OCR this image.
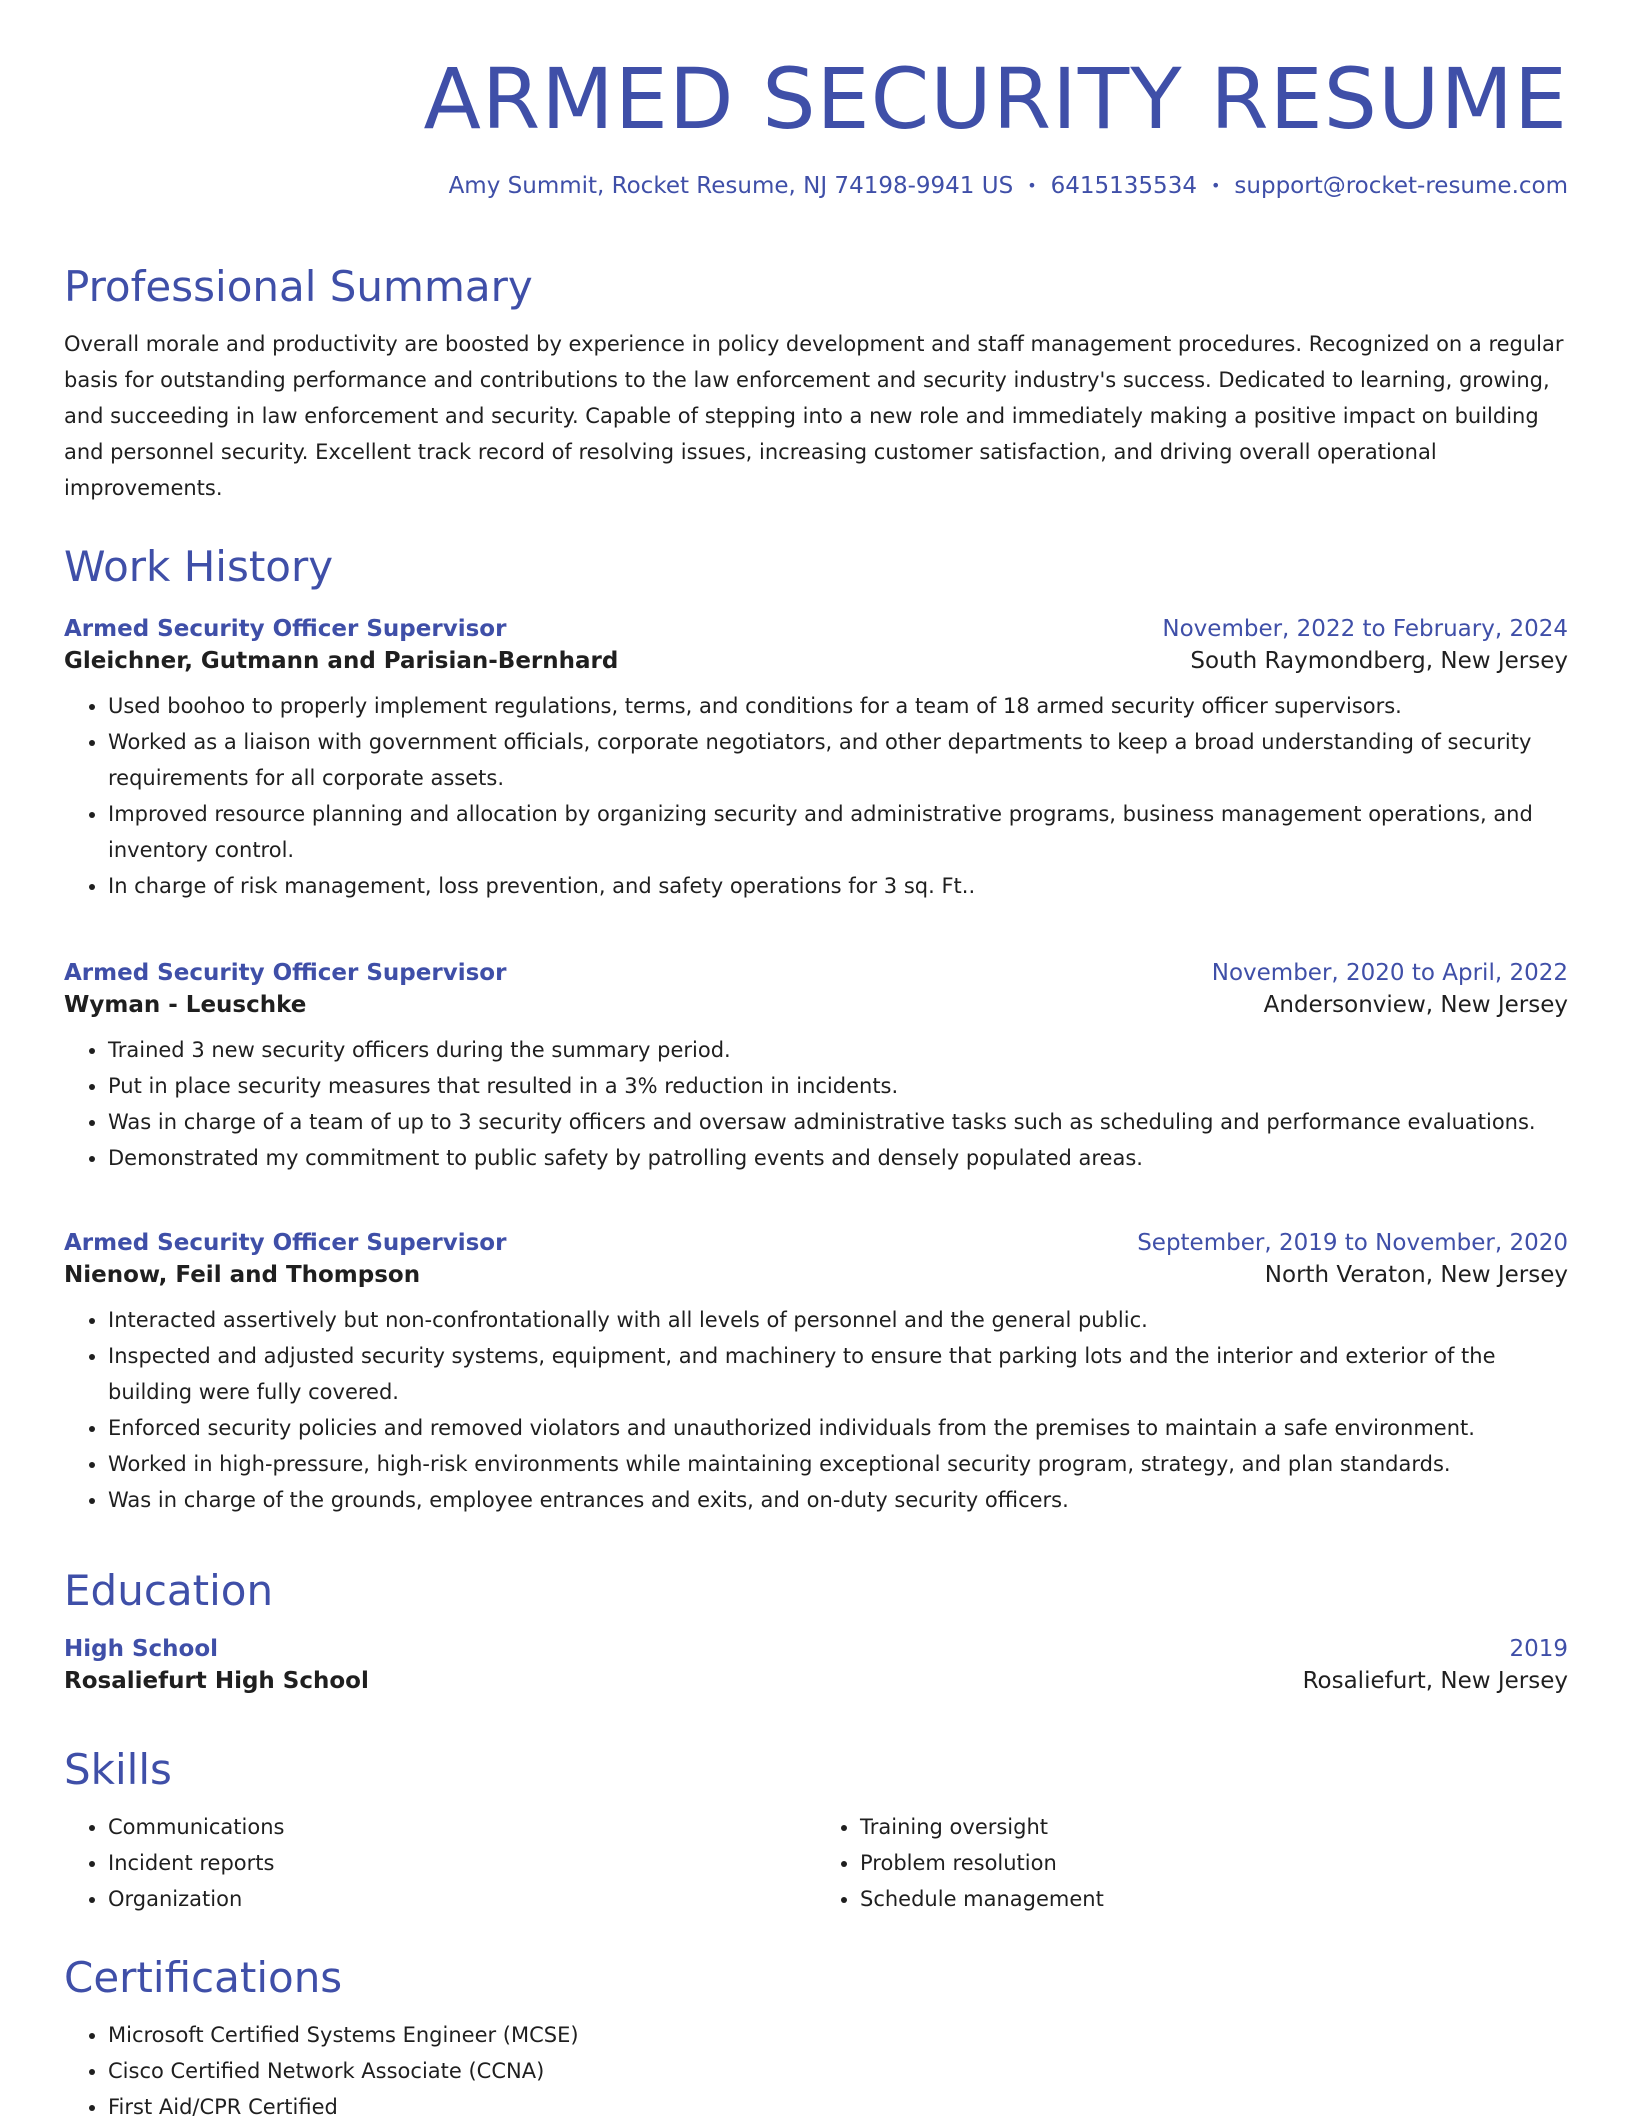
ARMED SECURITY RESUME
Amy Summit, Rocket Resume, NJ 74198-9941 US • 6415135534 • support@rocket-resume.com
Professional Summary

Overall morale and productivity are boosted by experience in policy development and staff management procedures. Recognized on a regular basis for outstanding performance and contributions to the law enforcement and security industry's success. Dedicated to learning, growing, and succeeding in law enforcement and security. Capable of stepping into a new role and immediately making a positive impact on building and personnel security. Excellent track record of resolving issues, increasing customer satisfaction, and driving overall operational improvements.

Work History
Armed Security Officer Supervisor	November, 2022 to February, 2024
Gleichner, Gutmann and Parisian-Bernhard	South Raymondberg, New Jersey
• Used boohoo to properly implement regulations, terms, and conditions for a team of 18 armed security officer supervisors.
• Worked as a liaison with government officials, corporate negotiators, and other departments to keep a broad understanding of security requirements for all corporate assets.
• Improved resource planning and allocation by organizing security and administrative programs, business management operations, and inventory control.
• In charge of risk management, loss prevention, and safety operations for 3 sq. Ft..
Armed Security Officer Supervisor	November, 2020 to April, 2022
Wyman - Leuschke	Andersonview, New Jersey
• Trained 3 new security officers during the summary period.
• Put in place security measures that resulted in a 3% reduction in incidents.
• Was in charge of a team of up to 3 security officers and oversaw administrative tasks such as scheduling and performance evaluations.
• Demonstrated my commitment to public safety by patrolling events and densely populated areas.
Armed Security Officer Supervisor	September, 2019 to November, 2020
Nienow, Feil and Thompson	North Veraton, New Jersey
• Interacted assertively but non-confrontationally with all levels of personnel and the general public.
• Inspected and adjusted security systems, equipment, and machinery to ensure that parking lots and the interior and exterior of the building were fully covered.
• Enforced security policies and removed violators and unauthorized individuals from the premises to maintain a safe environment.
• Worked in high-pressure, high-risk environments while maintaining exceptional security program, strategy, and plan standards.
• Was in charge of the grounds, employee entrances and exits, and on-duty security officers.
Education
High School	2019
Rosaliefurt High School	Rosaliefurt, New Jersey
Skills
• Communications
• Incident reports
• Organization
• Training oversight
• Problem resolution
• Schedule management
Certifications
• Microsoft Certified Systems Engineer (MCSE)
• Cisco Certified Network Associate (CCNA)
• First Aid/CPR Certified
